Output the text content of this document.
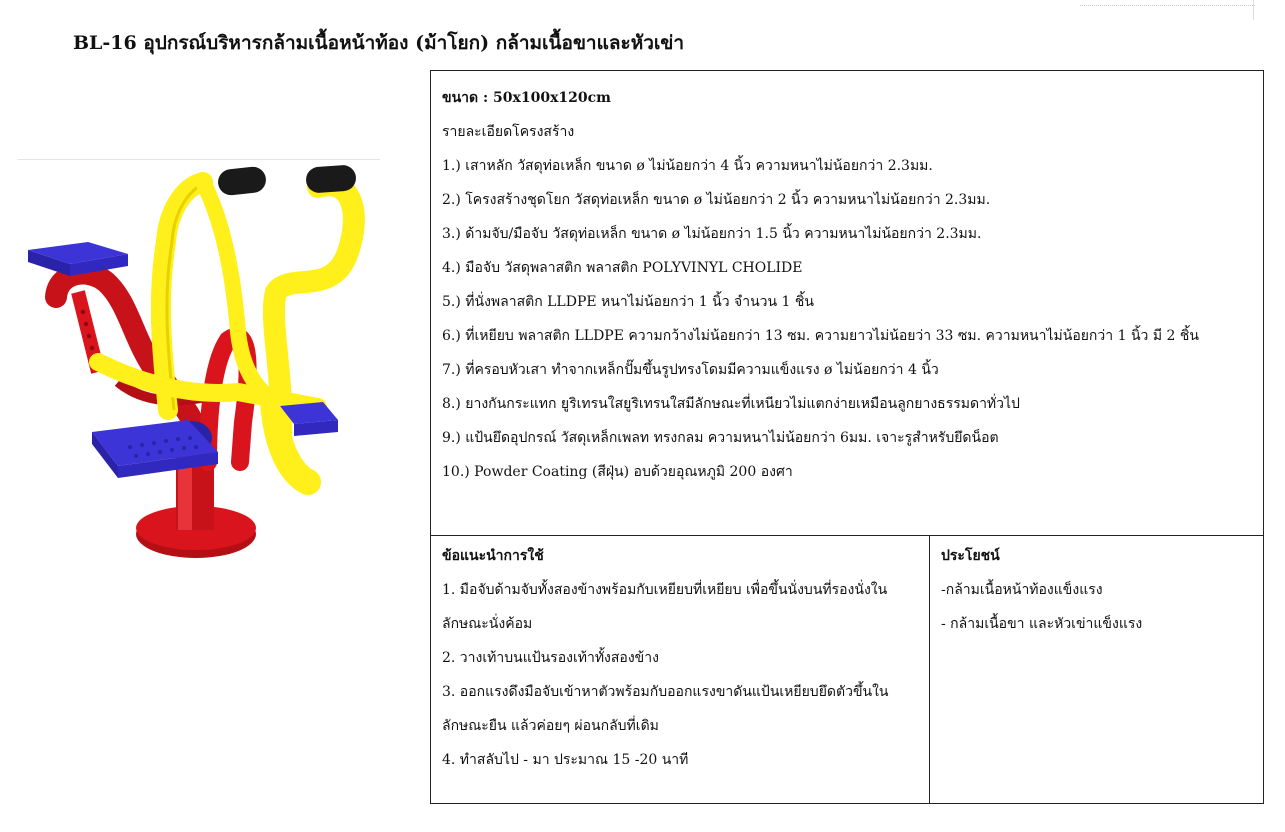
BL-16 อุปกรณ์บริหารกล้ามเนื้อหน้าท้อง (ม้าโยก) กล้ามเนื้อขาและหัวเข่า
ขนาด : 50x100x120cm
รายละเอียดโครงสร้าง
1.) เสาหลัก วัสดุท่อเหล็ก ขนาด ø ไม่น้อยกว่า 4 นิ้ว ความหนาไม่น้อยกว่า 2.3มม.
2.) โครงสร้างชุดโยก วัสดุท่อเหล็ก ขนาด ø ไม่น้อยกว่า 2 นิ้ว ความหนาไม่น้อยกว่า 2.3มม.
3.) ด้ามจับ/มือจับ วัสดุท่อเหล็ก ขนาด ø ไม่น้อยกว่า 1.5 นิ้ว ความหนาไม่น้อยกว่า 2.3มม.
4.) มือจับ วัสดุพลาสติก พลาสติก POLYVINYL CHOLIDE
5.) ที่นั่งพลาสติก LLDPE หนาไม่น้อยกว่า 1 นิ้ว จำนวน 1 ชิ้น
6.) ที่เหยียบ พลาสติก LLDPE ความกว้างไม่น้อยกว่า 13 ซม. ความยาวไม่น้อยว่า 33 ซม. ความหนาไม่น้อยกว่า 1 นิ้ว มี 2 ชิ้น
7.) ที่ครอบหัวเสา ทำจากเหล็กปั๊มขึ้นรูปทรงโดมมีความแข็งแรง ø ไม่น้อยกว่า 4 นิ้ว
8.) ยางกันกระแทก ยูริเทรนใสยูริเทรนใสมีลักษณะที่เหนียวไม่แตกง่ายเหมือนลูกยางธรรมดาทั่วไป
9.) แป้นยึดอุปกรณ์ วัสดุเหล็กเพลท ทรงกลม ความหนาไม่น้อยกว่า 6มม. เจาะรูสำหรับยึดน็อต
10.) Powder Coating (สีฝุ่น) อบด้วยอุณหภูมิ 200 องศา
ข้อแนะนำการใช้
1. มือจับด้ามจับทั้งสองข้างพร้อมกับเหยียบที่เหยียบ เพื่อขึ้นนั่งบนที่รองนั่งในลักษณะนั่งค้อม
2. วางเท้าบนแป้นรองเท้าทั้งสองข้าง
3. ออกแรงดึงมือจับเข้าหาตัวพร้อมกับออกแรงขาดันแป้นเหยียบยึดตัวขึ้นในลักษณะยืน แล้วค่อยๆ ผ่อนกลับที่เดิม
4. ทำสลับไป - มา ประมาณ 15 -20 นาที
ประโยชน์
-กล้ามเนื้อหน้าท้องแข็งแรง
- กล้ามเนื้อขา และหัวเข่าแข็งแรง
